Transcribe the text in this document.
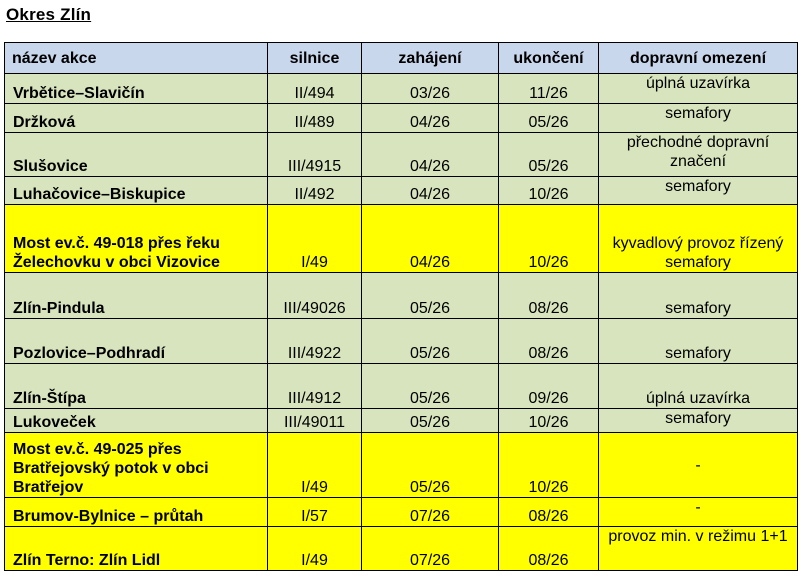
Okres Zlín
název akce	silnice	zahájení	ukončení	dopravní omezení
Vrbětice–Slavičín	II/494	03/26	11/26	úplná uzavírka
Držková	II/489	04/26	05/26	semafory
Slušovice	III/4915	04/26	05/26	přechodné dopravní značení
Luhačovice–Biskupice	II/492	04/26	10/26	semafory
Most ev.č. 49-018 přes řeku Želechovku v obci Vizovice	I/49	04/26	10/26	kyvadlový provoz řízený semafory
Zlín-Pindula	III/49026	05/26	08/26	semafory
Pozlovice–Podhradí	III/4922	05/26	08/26	semafory
Zlín-Štípa	III/4912	05/26	09/26	úplná uzavírka
Lukoveček	III/49011	05/26	10/26	semafory
Most ev.č. 49-025 přes Bratřejovský potok v obci Bratřejov	I/49	05/26	10/26	-
Brumov-Bylnice – průtah	I/57	07/26	08/26	-
Zlín Terno: Zlín Lidl	I/49	07/26	08/26	provoz min. v režimu 1+1
